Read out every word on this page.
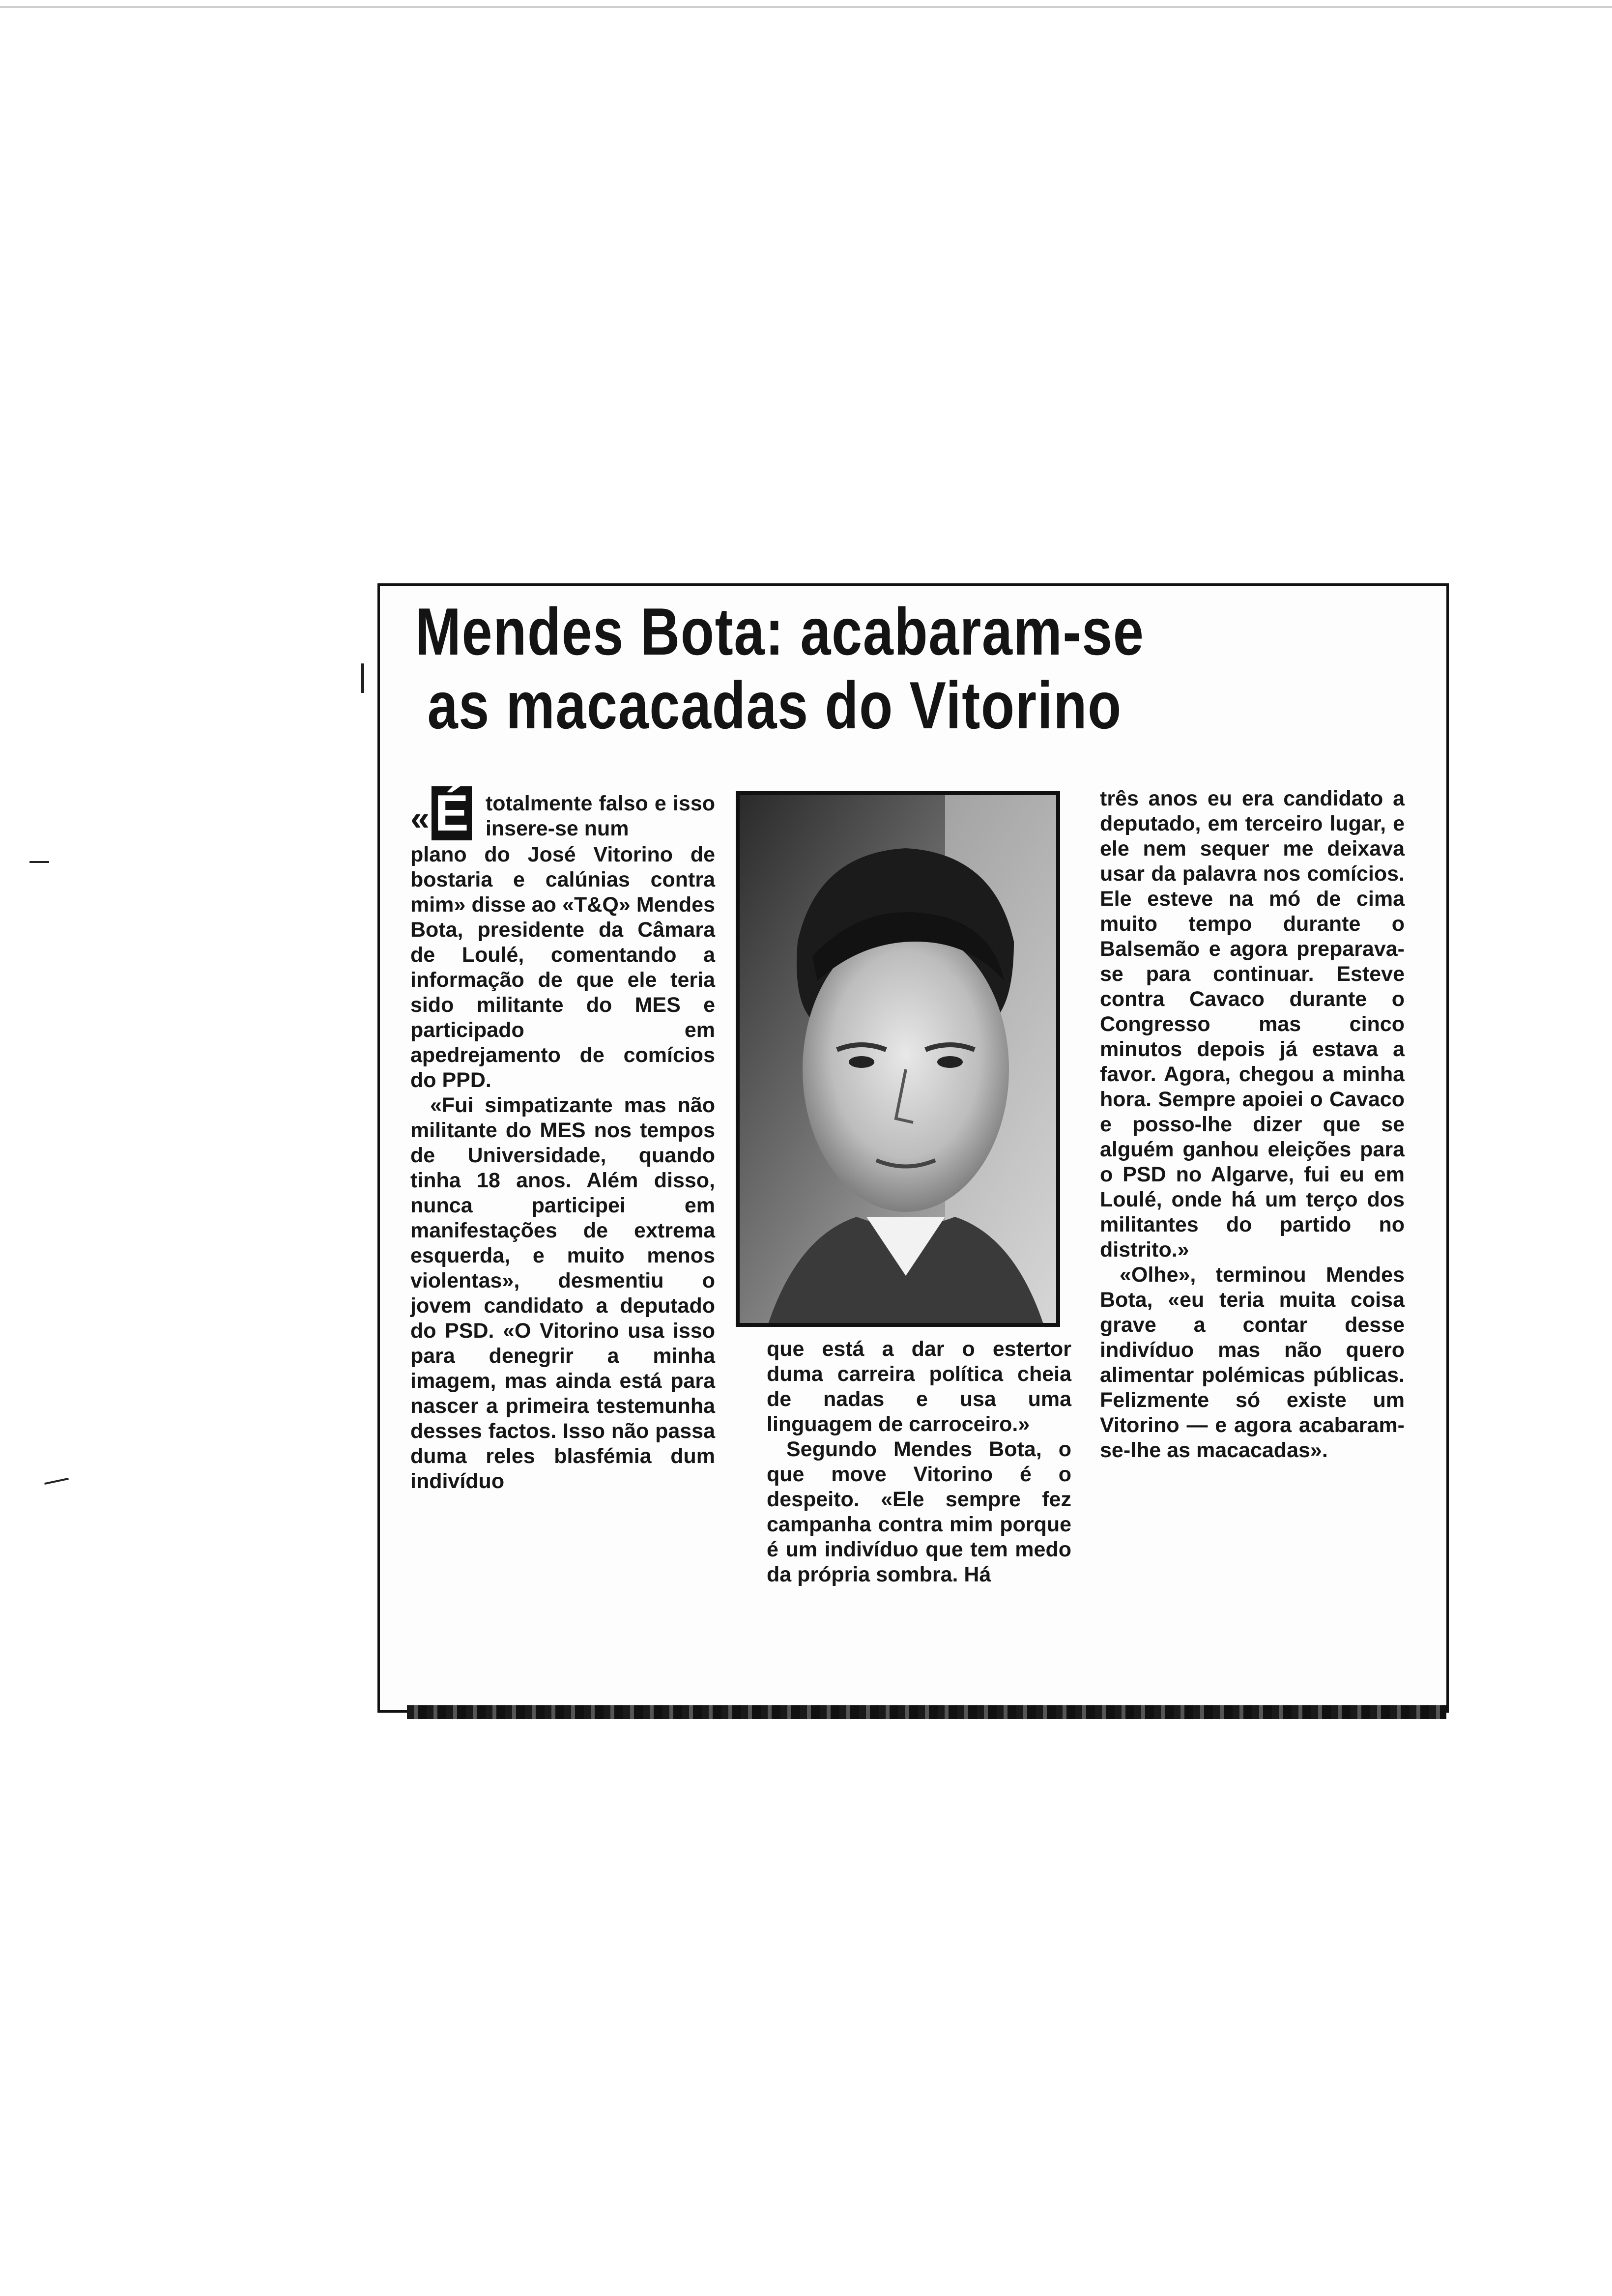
Mendes Bota: acabaram-se
as macacadas do Vitorino
« É totalmente falso e isso insere-se num

plano do José Vitorino de bostaria e calúnias contra mim» disse ao «T&Q» Mendes Bota, presidente da Câmara de Loulé, comentando a informação de que ele teria sido militante do MES e participado em apedrejamento de comícios do PPD.

«Fui simpatizante mas não militante do MES nos tempos de Universidade, quando tinha 18 anos. Além disso, nunca participei em manifestações de extrema esquerda, e muito menos violentas», desmentiu o jovem candidato a deputado do PSD. «O Vitorino usa isso para denegrir a minha imagem, mas ainda está para nascer a primeira testemunha desses factos. Isso não passa duma reles blasfémia dum indivíduo

que está a dar o estertor duma carreira política cheia de nadas e usa uma linguagem de carroceiro.»

Segundo Mendes Bota, o que move Vitorino é o despeito. «Ele sempre fez campanha contra mim porque é um indivíduo que tem medo da própria sombra. Há

três anos eu era candidato a deputado, em terceiro lugar, e ele nem sequer me deixava usar da palavra nos comícios. Ele esteve na mó de cima muito tempo durante o Balsemão e agora preparava-se para continuar. Esteve contra Cavaco durante o Congresso mas cinco minutos depois já estava a favor. Agora, chegou a minha hora. Sempre apoiei o Cavaco e posso-lhe dizer que se alguém ganhou eleições para o PSD no Algarve, fui eu em Loulé, onde há um terço dos militantes do partido no distrito.»

«Olhe», terminou Mendes Bota, «eu teria muita coisa grave a contar desse indivíduo mas não quero alimentar polémicas públicas. Felizmente só existe um Vitorino — e agora acabaram-se-lhe as macacadas».
